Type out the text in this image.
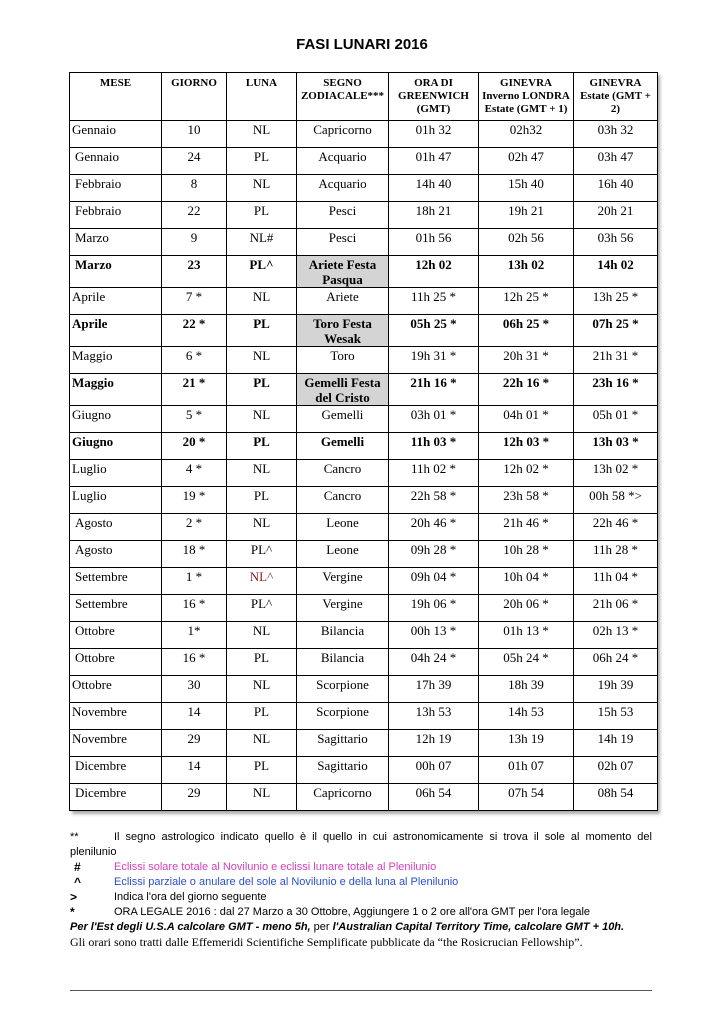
FASI LUNARI 2016
MESE	GIORNO	LUNA	SEGNO ZODIACALE***	ORA DI GREENWICH (GMT)	GINEVRA Inverno LONDRA Estate (GMT + 1)	GINEVRA Estate (GMT + 2)
Gennaio	10	NL	Capricorno	01h 32	02h32	03h 32
Gennaio	24	PL	Acquario	01h 47	02h 47	03h 47
Febbraio	8	NL	Acquario	14h 40	15h 40	16h 40
Febbraio	22	PL	Pesci	18h 21	19h 21	20h 21
Marzo	9	NL#	Pesci	01h 56	02h 56	03h 56
Marzo	23	PL^	Ariete Festa Pasqua	12h 02	13h 02	14h 02
Aprile	7 *	NL	Ariete	11h 25 *	12h 25 *	13h 25 *
Aprile	22 *	PL	Toro Festa Wesak	05h 25 *	06h 25 *	07h 25 *
Maggio	6 *	NL	Toro	19h 31 *	20h 31 *	21h 31 *
Maggio	21 *	PL	Gemelli Festa del Cristo	21h 16 *	22h 16 *	23h 16 *
Giugno	5 *	NL	Gemelli	03h 01 *	04h 01 *	05h 01 *
Giugno	20 *	PL	Gemelli	11h 03 *	12h 03 *	13h 03 *
Luglio	4 *	NL	Cancro	11h 02 *	12h 02 *	13h 02 *
Luglio	19 *	PL	Cancro	22h 58 *	23h 58 *	00h 58 *>
Agosto	2 *	NL	Leone	20h 46 *	21h 46 *	22h 46 *
Agosto	18 *	PL^	Leone	09h 28 *	10h 28 *	11h 28 *
Settembre	1 *	NL^	Vergine	09h 04 *	10h 04 *	11h 04 *
Settembre	16 *	PL^	Vergine	19h 06 *	20h 06 *	21h 06 *
Ottobre	1*	NL	Bilancia	00h 13 *	01h 13 *	02h 13 *
Ottobre	16 *	PL	Bilancia	04h 24 *	05h 24 *	06h 24 *
Ottobre	30	NL	Scorpione	17h 39	18h 39	19h 39
Novembre	14	PL	Scorpione	13h 53	14h 53	15h 53
Novembre	29	NL	Sagittario	12h 19	13h 19	14h 19
Dicembre	14	PL	Sagittario	00h 07	01h 07	02h 07
Dicembre	29	NL	Capricorno	06h 54	07h 54	08h 54
**	Il segno astrologico indicato quello è il quello in cui astronomicamente si trova il sole al momento del
plenilunio
#	Eclissi solare totale al Novilunio e eclissi lunare totale al Plenilunio
^	Eclissi parziale o anulare del sole al Novilunio e della luna al Plenilunio
>	Indica l'ora del giorno seguente
*	ORA LEGALE 2016 : dal 27 Marzo a 30 Ottobre, Aggiungere 1 o 2 ore all'ora GMT per l'ora legale
Per l'Est degli U.S.A calcolare GMT - meno 5h, per l'Australian Capital Territory Time, calcolare GMT + 10h.
Gli orari sono tratti dalle Effemeridi Scientifiche Semplificate pubblicate da “the Rosicrucian Fellowship”.
